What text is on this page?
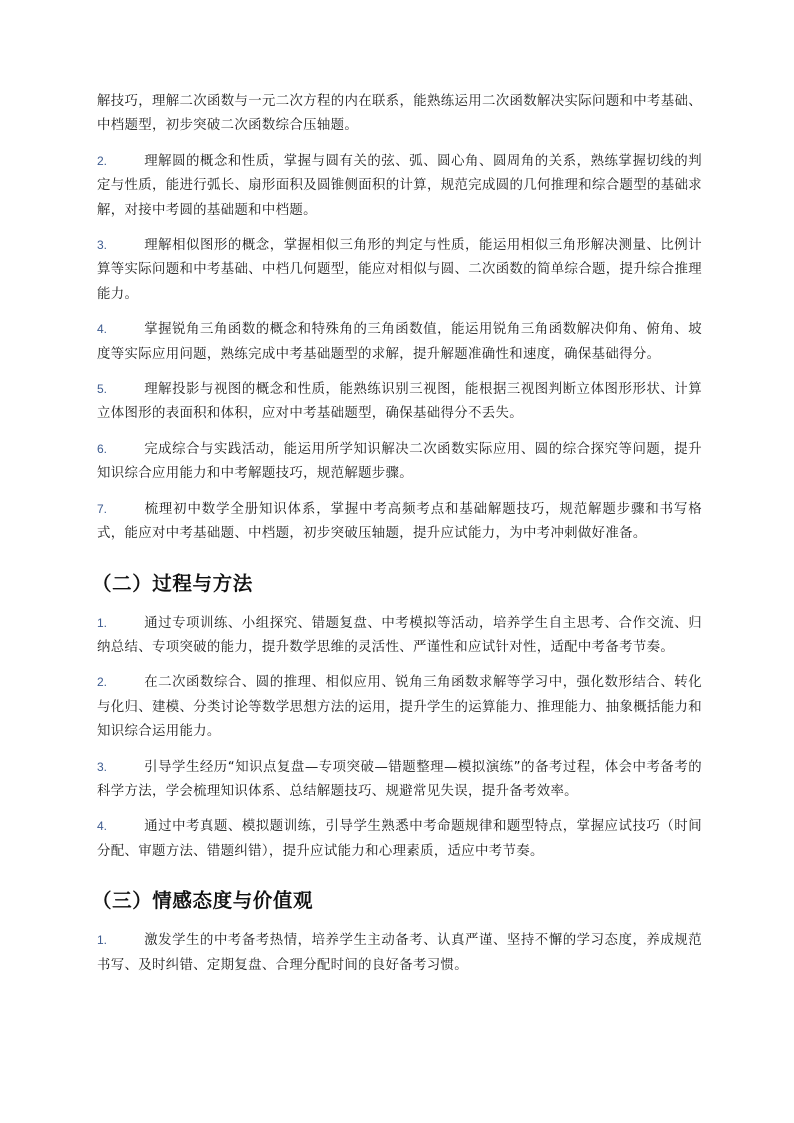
解技巧，理解二次函数与一元二次方程的内在联系，能熟练运用二次函数解决实际问题和中考基础、中档题型，初步突破二次函数综合压轴题。

2.	理解圆的概念和性质，掌握与圆有关的弦、弧、圆心角、圆周角的关系，熟练掌握切线的判定与性质，能进行弧长、扇形面积及圆锥侧面积的计算，规范完成圆的几何推理和综合题型的基础求解，对接中考圆的基础题和中档题。

3.	理解相似图形的概念，掌握相似三角形的判定与性质，能运用相似三角形解决测量、比例计算等实际问题和中考基础、中档几何题型，能应对相似与圆、二次函数的简单综合题，提升综合推理能力。

4.	掌握锐角三角函数的概念和特殊角的三角函数值，能运用锐角三角函数解决仰角、俯角、坡度等实际应用问题，熟练完成中考基础题型的求解，提升解题准确性和速度，确保基础得分。

5.	理解投影与视图的概念和性质，能熟练识别三视图，能根据三视图判断立体图形形状、计算立体图形的表面积和体积，应对中考基础题型，确保基础得分不丢失。

6.	完成综合与实践活动，能运用所学知识解决二次函数实际应用、圆的综合探究等问题，提升知识综合应用能力和中考解题技巧，规范解题步骤。

7.	梳理初中数学全册知识体系，掌握中考高频考点和基础解题技巧，规范解题步骤和书写格式，能应对中考基础题、中档题，初步突破压轴题，提升应试能力，为中考冲刺做好准备。

（二）过程与方法

1.	通过专项训练、小组探究、错题复盘、中考模拟等活动，培养学生自主思考、合作交流、归纳总结、专项突破的能力，提升数学思维的灵活性、严谨性和应试针对性，适配中考备考节奏。

2.	在二次函数综合、圆的推理、相似应用、锐角三角函数求解等学习中，强化数形结合、转化与化归、建模、分类讨论等数学思想方法的运用，提升学生的运算能力、推理能力、抽象概括能力和知识综合运用能力。

3.	引导学生经历“知识点复盘—专项突破—错题整理—模拟演练”的备考过程，体会中考备考的科学方法，学会梳理知识体系、总结解题技巧、规避常见失误，提升备考效率。

4.	通过中考真题、模拟题训练，引导学生熟悉中考命题规律和题型特点，掌握应试技巧（时间分配、审题方法、错题纠错），提升应试能力和心理素质，适应中考节奏。

（三）情感态度与价值观

1.	激发学生的中考备考热情，培养学生主动备考、认真严谨、坚持不懈的学习态度，养成规范书写、及时纠错、定期复盘、合理分配时间的良好备考习惯。
